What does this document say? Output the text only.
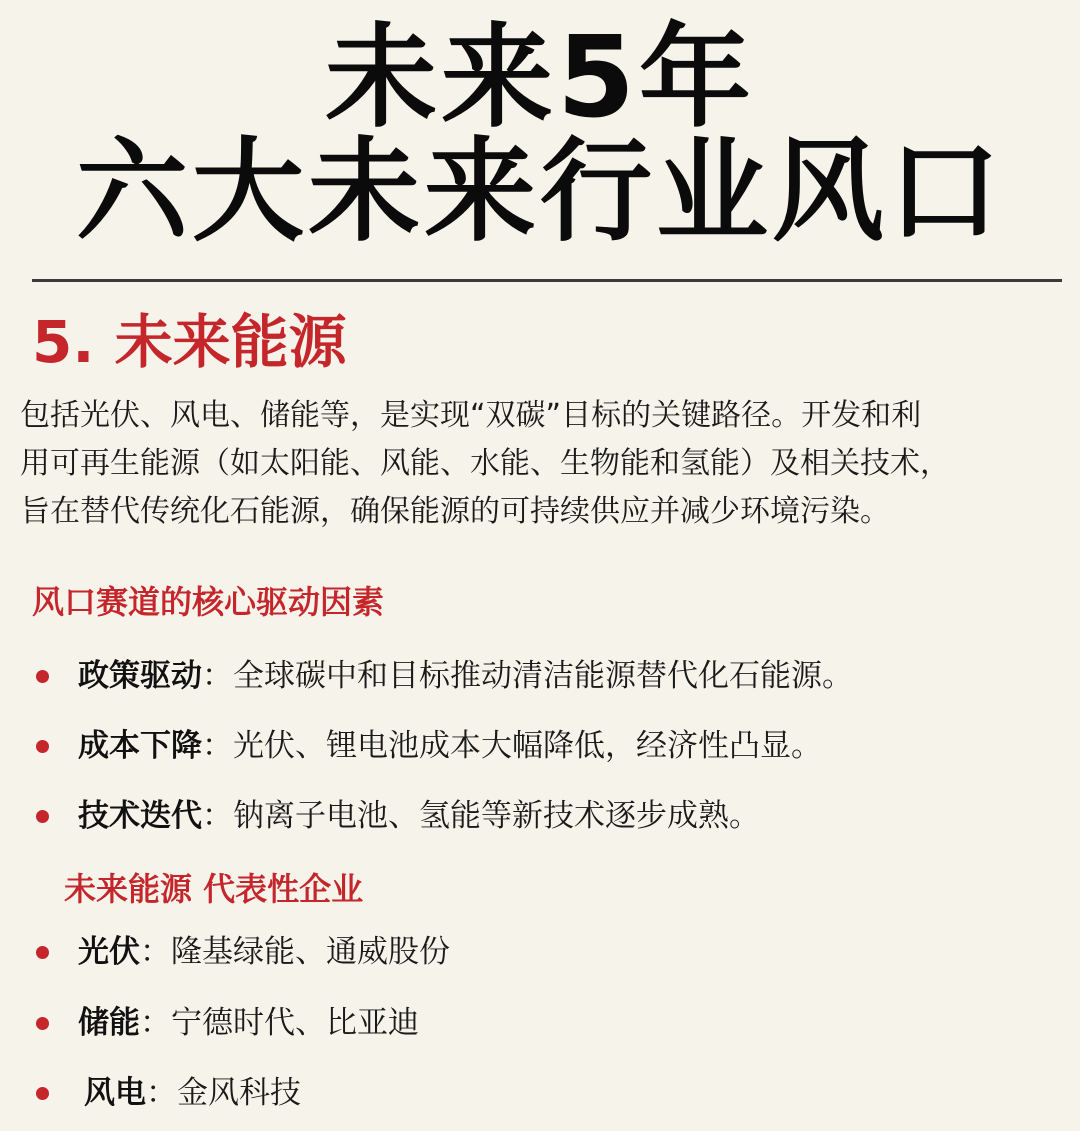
未来5年
六大未来行业风口
5. 未来能源
包括光伏、风电、储能等，是实现“双碳”目标的关键路径。开发和利
用可再生能源（如太阳能、风能、水能、生物能和氢能）及相关技术，
旨在替代传统化石能源，确保能源的可持续供应并减少环境污染。
风口赛道的核心驱动因素
政策驱动：全球碳中和目标推动清洁能源替代化石能源。
成本下降：光伏、锂电池成本大幅降低，经济性凸显。
技术迭代：钠离子电池、氢能等新技术逐步成熟。
未来能源 代表性企业
光伏：隆基绿能、通威股份
储能：宁德时代、比亚迪
风电：金风科技
